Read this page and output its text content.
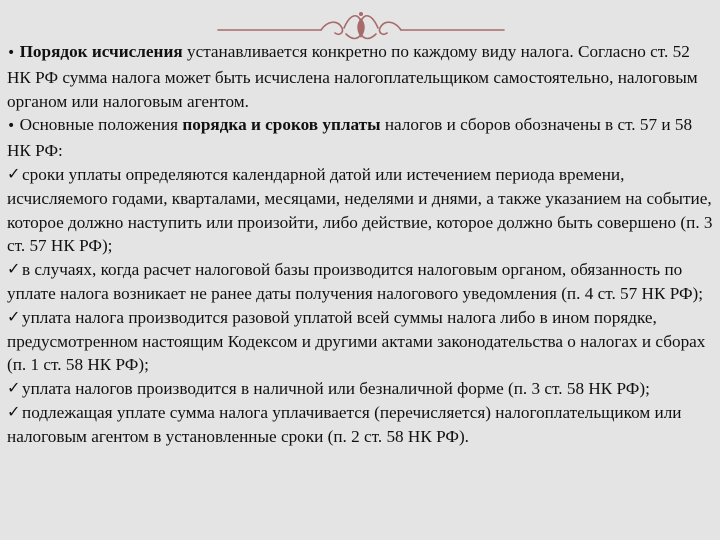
• Порядок исчисления устанавливается конкретно по каждому виду налога. Согласно ст. 52 НК РФ сумма налога может быть исчислена налогоплательщиком самостоятельно, налоговым органом или налоговым агентом.

• Основные положения порядка и сроков уплаты налогов и сборов обозначены в ст. 57 и 58 НК РФ:

✓сроки уплаты определяются календарной датой или истечением периода времени, исчисляемого годами, кварталами, месяцами, неделями и днями, а также указанием на событие, которое должно наступить или произойти, либо действие, которое должно быть совершено (п. 3 ст. 57 НК РФ);

✓в случаях, когда расчет налоговой базы производится налоговым органом, обязанность по уплате налога возникает не ранее даты получения налогового уведомления (п. 4 ст. 57 НК РФ);

✓уплата налога производится разовой уплатой всей суммы налога либо в ином порядке, предусмотренном настоящим Кодексом и другими актами законодательства о налогах и сборах (п. 1 ст. 58 НК РФ);

✓уплата налогов производится в наличной или безналичной форме (п. 3 ст. 58 НК РФ);

✓подлежащая уплате сумма налога уплачивается (перечисляется) налогоплательщиком или налоговым агентом в установленные сроки (п. 2 ст. 58 НК РФ).
